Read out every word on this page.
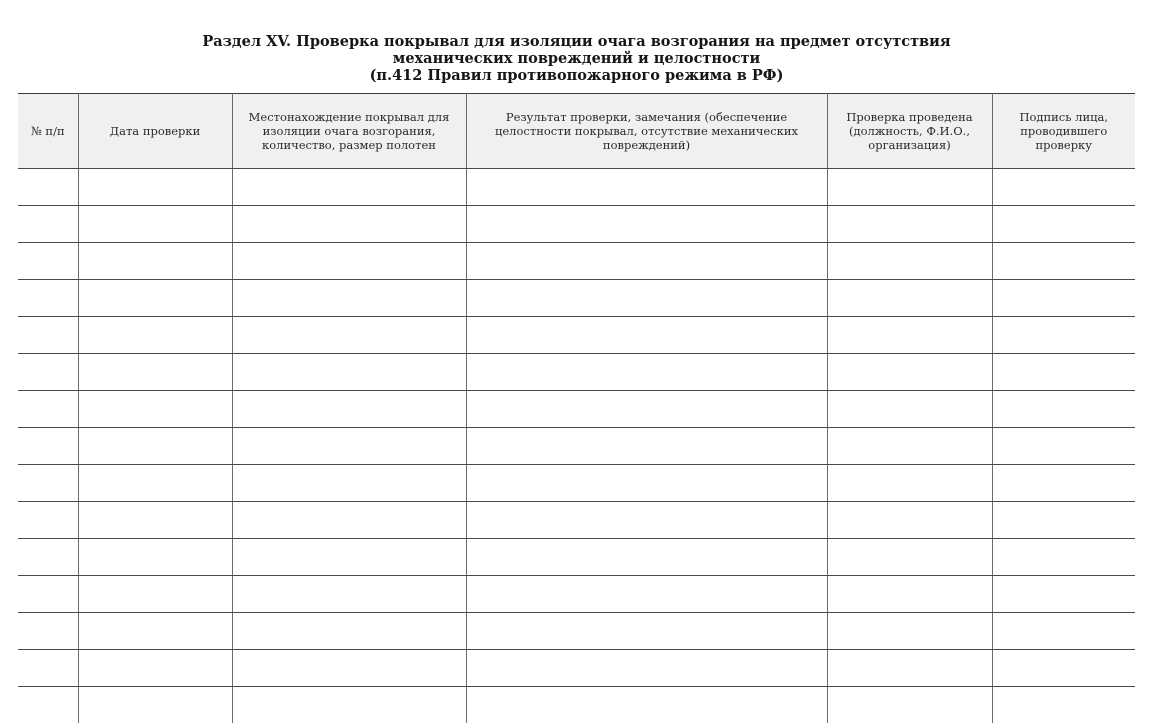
Раздел XV. Проверка покрывал для изоляции очага возгорания на предмет отсутствия
механических повреждений и целостности
(п.412 Правил противопожарного режима в РФ)
№ п/п	Дата проверки	Местонахождение покрывал для изоляции очага возгорания, количество, размер полотен	Результат проверки, замечания (обеспечение целостности покрывал, отсутствие механических повреждений)	Проверка проведена (должность, Ф.И.О., организация)	Подпись лица, проводившего проверку
